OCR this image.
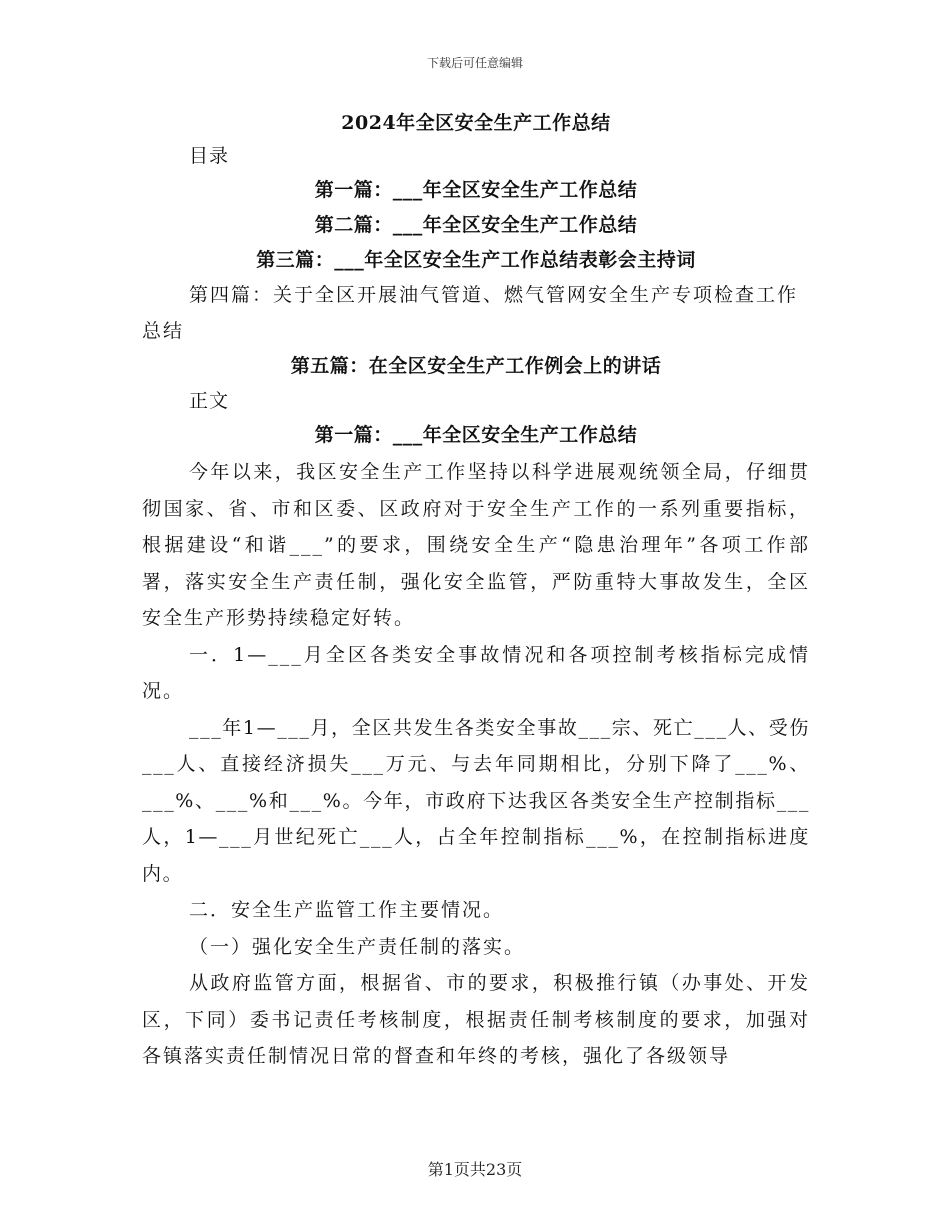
下载后可任意编辑
2024年全区安全生产工作总结
目录
第一篇：___年全区安全生产工作总结
第二篇：___年全区安全生产工作总结
第三篇：___年全区安全生产工作总结表彰会主持词
第四篇：关于全区开展油气管道、燃气管网安全生产专项检查工作总结
第五篇：在全区安全生产工作例会上的讲话
正文
第一篇：___年全区安全生产工作总结

今年以来，我区安全生产工作坚持以科学进展观统领全局，仔细贯彻国家、省、市和区委、区政府对于安全生产工作的一系列重要指标，根据建设“和谐___”的要求，围绕安全生产“隐患治理年”各项工作部署，落实安全生产责任制，强化安全监管，严防重特大事故发生，全区安全生产形势持续稳定好转。

一．1—___月全区各类安全事故情况和各项控制考核指标完成情况。

___年1—___月，全区共发生各类安全事故___宗、死亡___人、受伤___人、直接经济损失___万元、与去年同期相比，分别下降了___%、___%、___%和___%。今年，市政府下达我区各类安全生产控制指标___人，1—___月世纪死亡___人，占全年控制指标___%，在控制指标进度内。

二．安全生产监管工作主要情况。

（一）强化安全生产责任制的落实。

从政府监管方面，根据省、市的要求，积极推行镇（办事处、开发区，下同）委书记责任考核制度，根据责任制考核制度的要求，加强对各镇落实责任制情况日常的督查和年终的考核，强化了各级领导

第1页共23页
